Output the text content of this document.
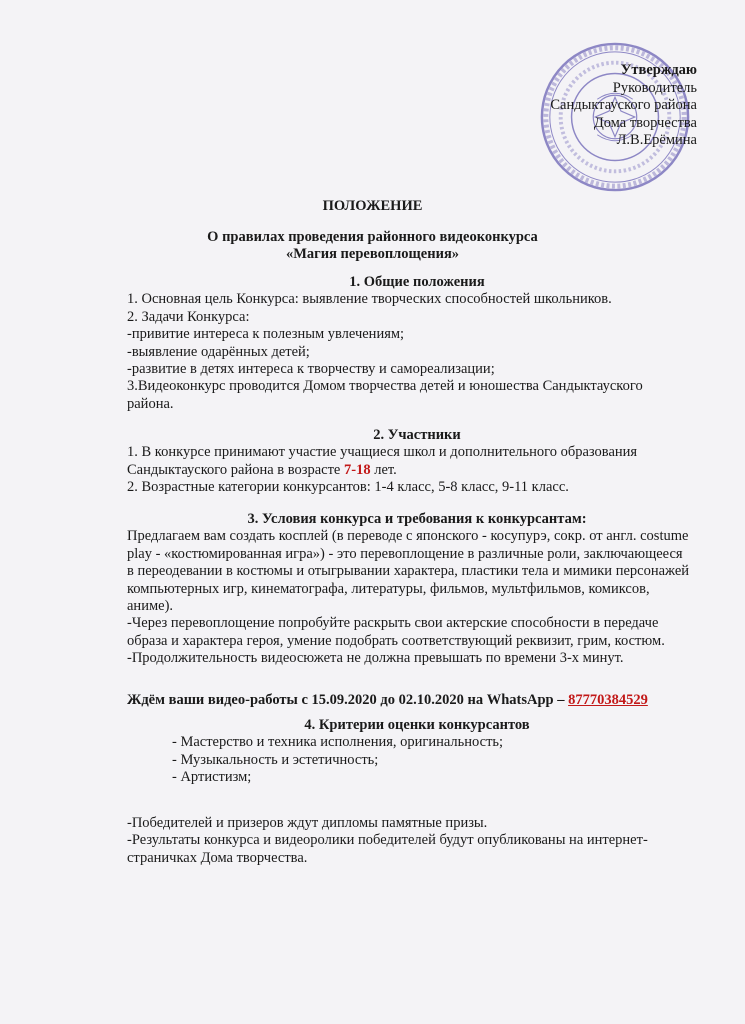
Утверждаю
Руководитель
Сандыктауского района
Дома творчества
Л.В.Ерёмина
ПОЛОЖЕНИЕ
О правилах проведения районного видеоконкурса
«Магия перевоплощения»
1. Общие положения
1. Основная цель Конкурса: выявление творческих способностей школьников.
2. Задачи Конкурса:
-привитие интереса к полезным увлечениям;
-выявление одарённых детей;
-развитие в детях интереса к творчеству и самореализации;
3.Видеоконкурс проводится Домом творчества детей и юношества Сандыктауского
района.
2. Участники
1. В конкурсе принимают участие учащиеся школ и дополнительного образования
Сандыктауского района в возрасте 7-18 лет.
2. Возрастные категории конкурсантов: 1-4 класс, 5-8 класс, 9-11 класс.
3. Условия конкурса и требования к конкурсантам:
Предлагаем вам создать косплей (в переводе с японского - косупурэ, сокр. от англ. costume
play - «костюмированная игра») - это перевоплощение в различные роли, заключающееся
в переодевании в костюмы и отыгрывании характера, пластики тела и мимики персонажей
компьютерных игр, кинематографа, литературы, фильмов, мультфильмов, комиксов,
аниме).
-Через перевоплощение попробуйте раскрыть свои актерские способности в передаче
образа и характера героя, умение подобрать соответствующий реквизит, грим, костюм.
-Продолжительность видеосюжета не должна превышать по времени 3-х минут.
Ждём ваши видео-работы с 15.09.2020 до 02.10.2020 на WhatsApp – 87770384529
4. Критерии оценки конкурсантов
- Мастерство и техника исполнения, оригинальность;
- Музыкальность и эстетичность;
- Артистизм;
-Победителей и призеров ждут дипломы памятные призы.
-Результаты конкурса и видеоролики победителей будут опубликованы на интернет-
страничках Дома творчества.
